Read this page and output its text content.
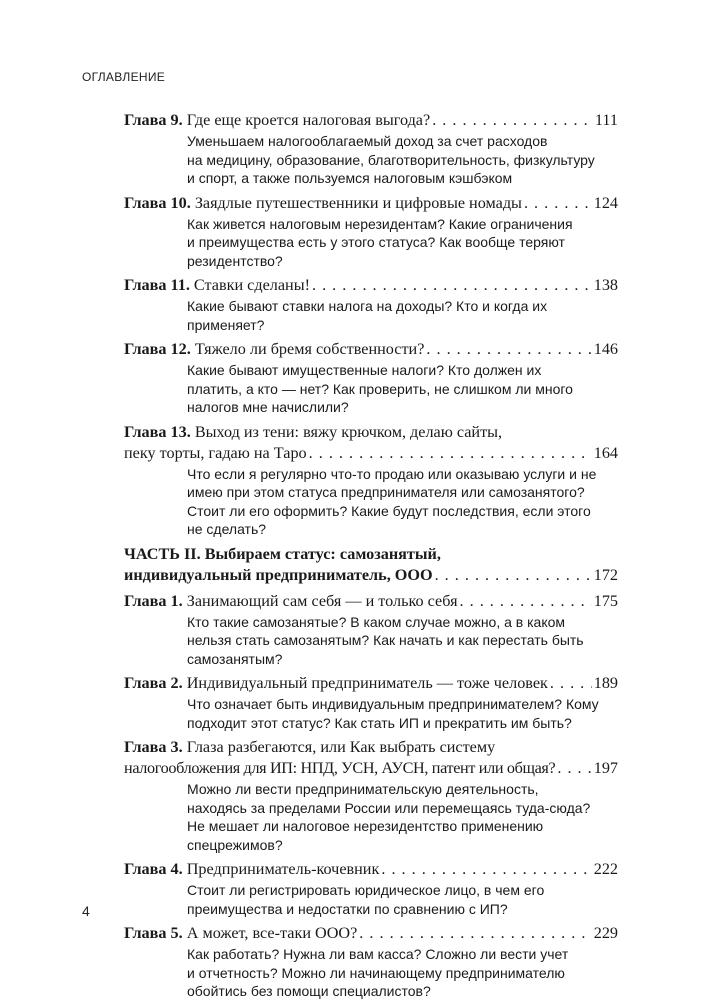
ОГЛАВЛЕНИЕ
Глава 9. Где еще кроется налоговая выгода? . . .	111
Уменьшаем налогооблагаемый доход за счет расходов
на медицину, образование, благотворительность, физкультуру
и спорт, а также пользуемся налоговым кэшбэком
Глава 10. Заядлые путешественники и цифровые номады . . .	124
Как живется налоговым нерезидентам? Какие ограничения
и преимущества есть у этого статуса? Как вообще теряют
резидентство?
Глава 11. Ставки сделаны! . . .	138
Какие бывают ставки налога на доходы? Кто и когда их
применяет?
Глава 12. Тяжело ли бремя собственности? . . .	146
Какие бывают имущественные налоги? Кто должен их
платить, а кто — нет? Как проверить, не слишком ли много
налогов мне начислили?
Глава 13. Выход из тени: вяжу крючком, делаю сайты,
пеку торты, гадаю на Таро . . .	164
Что если я регулярно что-то продаю или оказываю услуги и не
имею при этом статуса предпринимателя или самозанятого?
Стоит ли его оформить? Какие будут последствия, если этого
не сделать?
ЧАСТЬ II. Выбираем статус: самозанятый,
индивидуальный предприниматель, ООО . . .	172
Глава 1. Занимающий сам себя — и только себя . . .	175
Кто такие самозанятые? В каком случае можно, а в каком
нельзя стать самозанятым? Как начать и как перестать быть
самозанятым?
Глава 2. Индивидуальный предприниматель — тоже человек . . .	189
Что означает быть индивидуальным предпринимателем? Кому
подходит этот статус? Как стать ИП и прекратить им быть?
Глава 3. Глаза разбегаются, или Как выбрать систему
налогообложения для ИП: НПД, УСН, АУСН, патент или общая? . . . 197
Можно ли вести предпринимательскую деятельность,
находясь за пределами России или перемещаясь туда-сюда?
Не мешает ли налоговое нерезидентство применению
спецрежимов?
Глава 4. Предприниматель-кочевник . . .	222
Стоит ли регистрировать юридическое лицо, в чем его
преимущества и недостатки по сравнению с ИП?
Глава 5. А может, все-таки ООО? . . .	229
Как работать? Нужна ли вам касса? Сложно ли вести учет
и отчетность? Можно ли начинающему предпринимателю
обойтись без помощи специалистов?
4
